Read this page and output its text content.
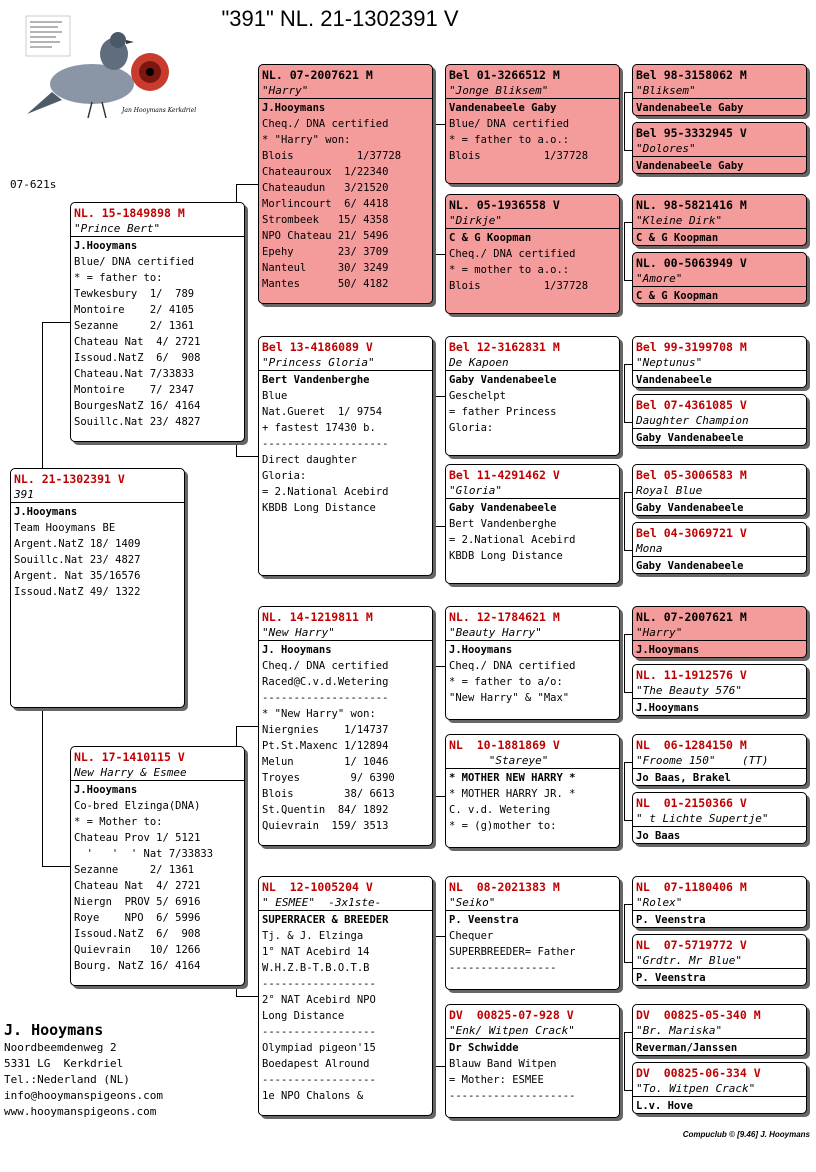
"391" NL. 21-1302391 V
Jan Hooymans Kerkdriel
07-621s
NL. 21-1302391 V
391
J.Hooymans
Team Hooymans BE
Argent.NatZ 18/ 1409
Souillc.Nat 23/ 4827
Argent. Nat 35/16576
Issoud.NatZ 49/ 1322
NL. 15-1849898 M
"Prince Bert"
J.Hooymans
Blue/ DNA certified
* = father to:
Tewkesbury  1/  789
Montoire    2/ 4105
Sezanne     2/ 1361
Chateau Nat  4/ 2721
Issoud.NatZ  6/  908
Chateau.Nat 7/33833
Montoire    7/ 2347
BourgesNatZ 16/ 4164
Souillc.Nat 23/ 4827
NL. 17-1410115 V
New Harry & Esmee
J.Hooymans
Co-bred Elzinga(DNA)
* = Mother to:
Chateau Prov 1/ 5121
'   '  ' Nat 7/33833
Sezanne     2/ 1361
Chateau Nat  4/ 2721
Niergn  PROV 5/ 6916
Roye    NPO  6/ 5996
Issoud.NatZ  6/  908
Quievrain   10/ 1266
Bourg. NatZ 16/ 4164
NL. 07-2007621 M
"Harry"
J.Hooymans
Cheq./ DNA certified
* "Harry" won:
Blois          1/37728
Chateauroux  1/22340
Chateaudun   3/21520
Morlincourt  6/ 4418
Strombeek   15/ 4358
NPO Chateau 21/ 5496
Epehy       23/ 3709
Nanteul     30/ 3249
Mantes      50/ 4182
Bel 13-4186089 V
"Princess Gloria"
Bert Vandenberghe
Blue
Nat.Gueret  1/ 9754
+ fastest 17430 b.
--------------------
Direct daughter
Gloria:
= 2.National Acebird
KBDB Long Distance
NL. 14-1219811 M
"New Harry"
J. Hooymans
Cheq./ DNA certified
Raced@C.v.d.Wetering
--------------------
* "New Harry" won:
Niergnies    1/14737
Pt.St.Maxenc 1/12894
Melun        1/ 1046
Troyes        9/ 6390
Blois        38/ 6613
St.Quentin  84/ 1892
Quievrain  159/ 3513
NL  12-1005204 V
" ESMEE"  -3x1ste-
SUPERRACER & BREEDER
Tj. & J. Elzinga
1° NAT Acebird 14
W.H.Z.B-T.B.O.T.B
------------------
2° NAT Acebird NPO
Long Distance
------------------
Olympiad pigeon'15
Boedapest Alround
------------------
1e NPO Chalons &
Bel 01-3266512 M
"Jonge Bliksem"
Vandenabeele Gaby
Blue/ DNA certified
* = father to a.o.:
Blois          1/37728
NL. 05-1936558 V
"Dirkje"
C & G Koopman
Cheq./ DNA certified
* = mother to a.o.:
Blois          1/37728
Bel 12-3162831 M
De Kapoen
Gaby Vandenabeele
Geschelpt
= father Princess
Gloria:
Bel 11-4291462 V
"Gloria"
Gaby Vandenabeele
Bert Vandenberghe
= 2.National Acebird
KBDB Long Distance
NL. 12-1784621 M
"Beauty Harry"
J.Hooymans
Cheq./ DNA certified
* = father to a/o:
"New Harry" & "Max"
NL  10-1881869 V
"Stareye"
* MOTHER NEW HARRY *
* MOTHER HARRY JR. *
C. v.d. Wetering
* = (g)mother to:
NL  08-2021383 M
"Seiko"
P. Veenstra
Chequer
SUPERBREEDER= Father
-----------------
DV  00825-07-928 V
"Enk/ Witpen Crack"
Dr Schwidde
Blauw Band Witpen
= Mother: ESMEE
--------------------
Bel 98-3158062 M
"Bliksem"
Vandenabeele Gaby
Bel 95-3332945 V
"Dolores"
Vandenabeele Gaby
NL. 98-5821416 M
"Kleine Dirk"
C & G Koopman
NL. 00-5063949 V
"Amore"
C & G Koopman
Bel 99-3199708 M
"Neptunus"
Vandenabeele
Bel 07-4361085 V
Daughter Champion
Gaby Vandenabeele
Bel 05-3006583 M
Royal Blue
Gaby Vandenabeele
Bel 04-3069721 V
Mona
Gaby Vandenabeele
NL. 07-2007621 M
"Harry"
J.Hooymans
NL. 11-1912576 V
"The Beauty 576"
J.Hooymans
NL  06-1284150 M
"Froome 150"    (TT)
Jo Baas, Brakel
NL  01-2150366 V
" t Lichte Supertje"
Jo Baas
NL  07-1180406 M
"Rolex"
P. Veenstra
NL  07-5719772 V
"Grdtr. Mr Blue"
P. Veenstra
DV  00825-05-340 M
"Br. Mariska"
Reverman/Janssen
DV  00825-06-334 V
"To. Witpen Crack"
L.v. Hove
J. Hooymans
Noordbeemdenweg 2
5331 LG  Kerkdriel
Tel.:Nederland (NL)
info@hooymanspigeons.com
www.hooymanspigeons.com
Compuclub © [9.46] J. Hooymans
